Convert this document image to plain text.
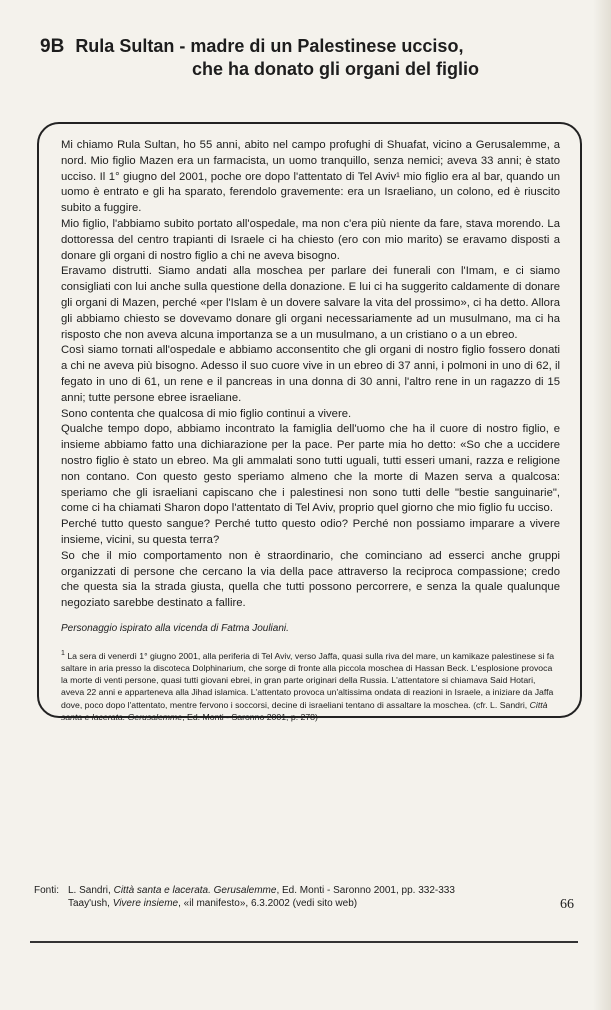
9B Rula Sultan - madre di un Palestinese ucciso,
che ha donato gli organi del figlio

Mi chiamo Rula Sultan, ho 55 anni, abito nel campo profughi di Shuafat, vicino a Gerusalemme, a nord. Mio figlio Mazen era un farmacista, un uomo tranquillo, senza nemici; aveva 33 anni; è stato ucciso. Il 1° giugno del 2001, poche ore dopo l'attentato di Tel Aviv¹ mio figlio era al bar, quando un uomo è entrato e gli ha sparato, ferendolo gravemente: era un Israeliano, un colono, ed è riuscito subito a fuggire.

Mio figlio, l'abbiamo subito portato all'ospedale, ma non c'era più niente da fare, stava morendo. La dottoressa del centro trapianti di Israele ci ha chiesto (ero con mio marito) se eravamo disposti a donare gli organi di nostro figlio a chi ne aveva bisogno.

Eravamo distrutti. Siamo andati alla moschea per parlare dei funerali con l'Imam, e ci siamo consigliati con lui anche sulla questione della donazione. E lui ci ha suggerito caldamente di donare gli organi di Mazen, perché «per l'Islam è un dovere salvare la vita del prossimo», ci ha detto. Allora gli abbiamo chiesto se dovevamo donare gli organi necessariamente ad un musulmano, ma ci ha risposto che non aveva alcuna importanza se a un musulmano, a un cristiano o a un ebreo.

Così siamo tornati all'ospedale e abbiamo acconsentito che gli organi di nostro figlio fossero donati a chi ne aveva più bisogno. Adesso il suo cuore vive in un ebreo di 37 anni, i polmoni in uno di 62, il fegato in uno di 61, un rene e il pancreas in una donna di 30 anni, l'altro rene in un ragazzo di 15 anni; tutte persone ebree israeliane.

Sono contenta che qualcosa di mio figlio continui a vivere.

Qualche tempo dopo, abbiamo incontrato la famiglia dell'uomo che ha il cuore di nostro figlio, e insieme abbiamo fatto una dichiarazione per la pace. Per parte mia ho detto: «So che a uccidere nostro figlio è stato un ebreo. Ma gli ammalati sono tutti uguali, tutti esseri umani, razza e religione non contano. Con questo gesto speriamo almeno che la morte di Mazen serva a qualcosa: speriamo che gli israeliani capiscano che i palestinesi non sono tutti delle "bestie sanguinarie", come ci ha chiamati Sharon dopo l'attentato di Tel Aviv, proprio quel giorno che mio figlio fu ucciso.

Perché tutto questo sangue? Perché tutto questo odio? Perché non possiamo imparare a vivere insieme, vicini, su questa terra?

So che il mio comportamento non è straordinario, che cominciano ad esserci anche gruppi organizzati di persone che cercano la via della pace attraverso la reciproca compassione; credo che questa sia la strada giusta, quella che tutti possono percorrere, e senza la quale qualunque negoziato sarebbe destinato a fallire.

Personaggio ispirato alla vicenda di Fatma Jouliani.
$^1$ La sera di venerdì 1° giugno 2001, alla periferia di Tel Aviv, verso Jaffa, quasi sulla riva del mare, un kamikaze palestinese si fa saltare in aria presso la discoteca Dolphinarium, che sorge di fronte alla piccola moschea di Hassan Beck. L'esplosione provoca la morte di venti persone, quasi tutti giovani ebrei, in gran parte originari della Russia. L'attentatore si chiamava Said Hotari, aveva 22 anni e apparteneva alla Jihad islamica. L'attentato provoca un'altissima ondata di reazioni in Israele, a iniziare da Jaffa dove, poco dopo l'attentato, mentre fervono i soccorsi, decine di israeliani tentano di assaltare la moschea. (cfr. L. Sandri, Città santa e lacerata. Gerusalemme, Ed. Monti - Saronno 2001, p. 278)
Fonti: L. Sandri, Città santa e lacerata. Gerusalemme, Ed. Monti - Saronno 2001, pp. 332-333
Taay'ush, Vivere insieme, «il manifesto», 6.3.2002 (vedi sito web)	66
